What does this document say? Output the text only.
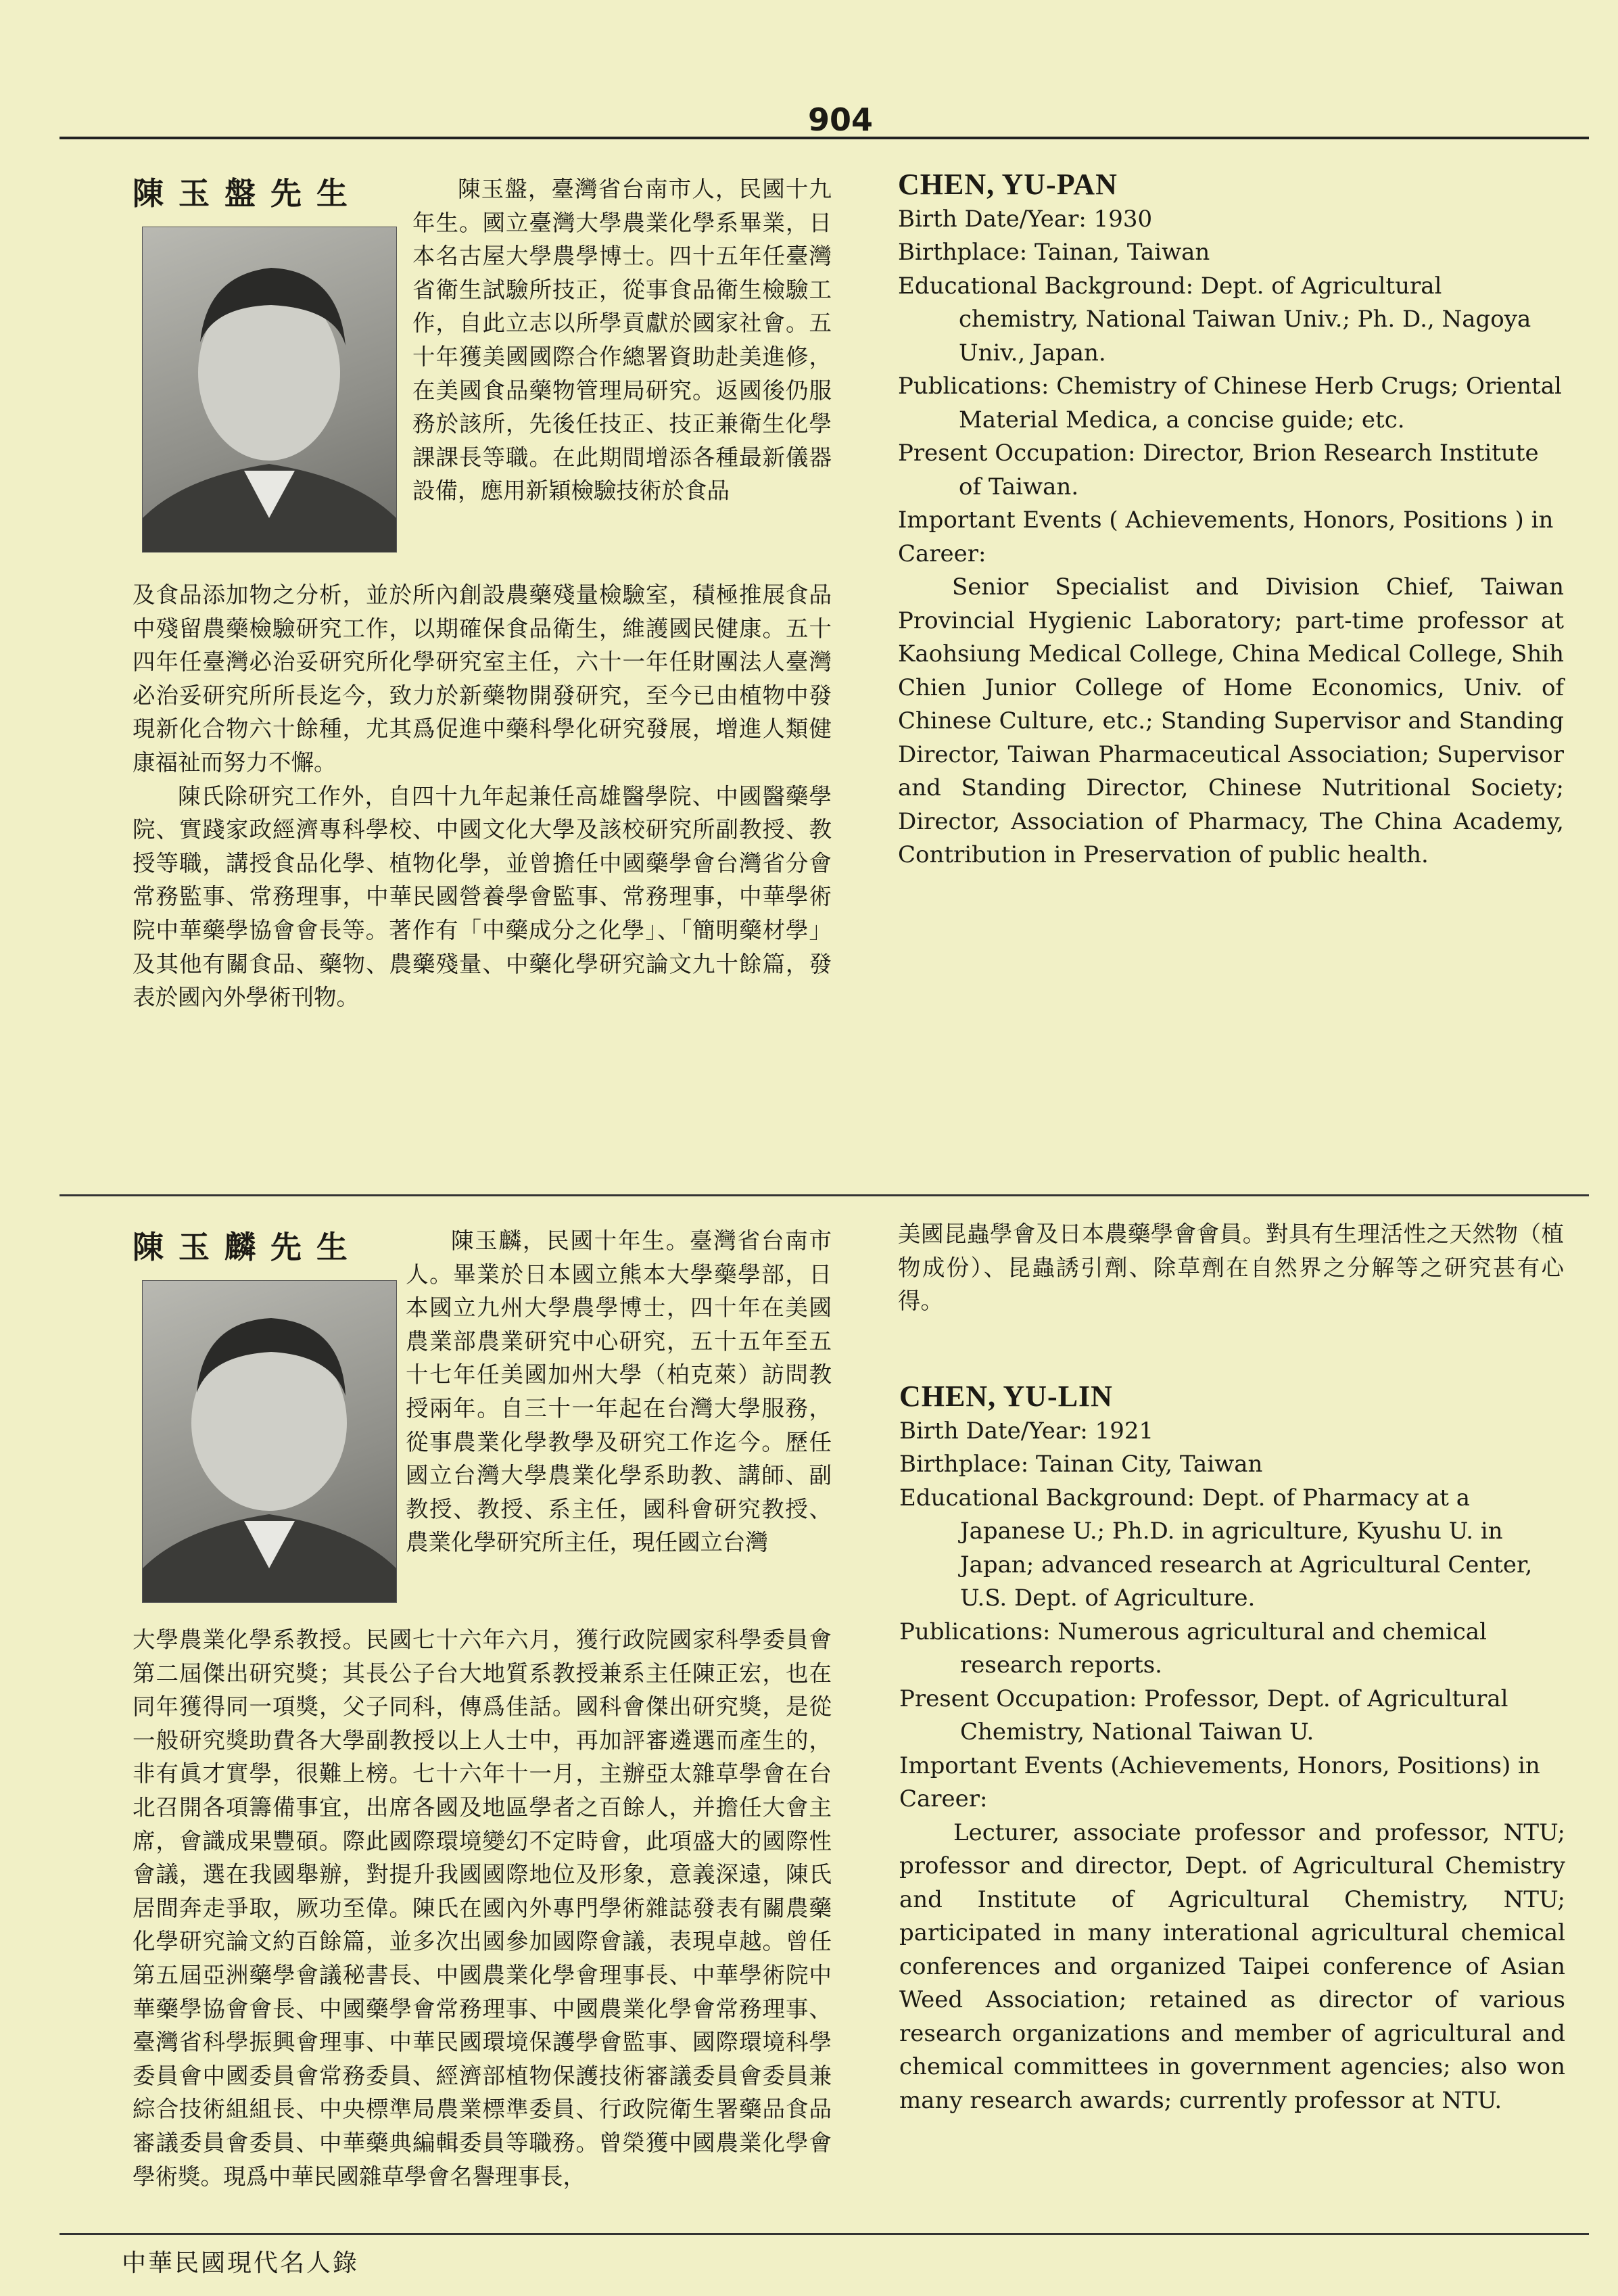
904
陳玉盤先生	陳玉盤，臺灣省台南市人，民國十九年生。國立臺灣大學農業化學系畢業，日本名古屋大學農學博士。四十五年任臺灣省衛生試驗所技正，從事食品衛生檢驗工作，自此立志以所學貢獻於國家社會。五十年獲美國國際合作總署資助赴美進修，在美國食品藥物管理局研究。返國後仍服務於該所，先後任技正、技正兼衛生化學課課長等職。在此期間增添各種最新儀器設備，應用新穎檢驗技術於食品

及食品添加物之分析，並於所內創設農藥殘量檢驗室，積極推展食品中殘留農藥檢驗研究工作，以期確保食品衛生，維護國民健康。五十四年任臺灣必治妥研究所化學研究室主任，六十一年任財團法人臺灣必治妥研究所所長迄今，致力於新藥物開發研究，至今已由植物中發現新化合物六十餘種，尤其爲促進中藥科學化研究發展，增進人類健康福祉而努力不懈。

陳氏除研究工作外，自四十九年起兼任高雄醫學院、中國醫藥學院、實踐家政經濟專科學校、中國文化大學及該校研究所副教授、教授等職，講授食品化學、植物化學，並曾擔任中國藥學會台灣省分會常務監事、常務理事，中華民國營養學會監事、常務理事，中華學術院中華藥學協會會長等。著作有「中藥成分之化學」、「簡明藥材學」及其他有關食品、藥物、農藥殘量、中藥化學研究論文九十餘篇，發表於國內外學術刊物。

CHEN, YU-PAN

Birth Date/Year: 1930

Birthplace: Tainan, Taiwan

Educational Background: Dept. of Agricultural chemistry, National Taiwan Univ.; Ph. D., Nagoya Univ., Japan.

Publications: Chemistry of Chinese Herb Crugs; Oriental Material Medica, a concise guide; etc.

Present Occupation: Director, Brion Research Institute of Taiwan.

Important Events ( Achievements, Honors, Positions ) in Career:

Senior Specialist and Division Chief, Taiwan Provincial Hygienic Laboratory; part-time professor at Kaohsiung Medical College, China Medical College, Shih Chien Junior College of Home Economics, Univ. of Chinese Culture, etc.; Standing Supervisor and Standing Director, Taiwan Pharmaceutical Association; Supervisor and Standing Director, Chinese Nutritional Society; Director, Association of Pharmacy, The China Academy, Contribution in Preservation of public health.

陳玉麟先生	陳玉麟，民國十年生。臺灣省台南市人。畢業於日本國立熊本大學藥學部，日本國立九州大學農學博士，四十年在美國農業部農業研究中心研究，五十五年至五十七年任美國加州大學（柏克萊）訪問教授兩年。自三十一年起在台灣大學服務，從事農業化學教學及研究工作迄今。歷任國立台灣大學農業化學系助教、講師、副教授、教授、系主任，國科會研究教授、農業化學研究所主任，現任國立台灣

大學農業化學系教授。民國七十六年六月，獲行政院國家科學委員會第二屆傑出研究獎；其長公子台大地質系教授兼系主任陳正宏，也在同年獲得同一項獎，父子同科，傳爲佳話。國科會傑出研究獎，是從一般研究獎助費各大學副教授以上人士中，再加評審遴選而產生的，非有眞才實學，很難上榜。七十六年十一月，主辦亞太雜草學會在台北召開各項籌備事宜，出席各國及地區學者之百餘人，并擔任大會主席，會識成果豐碩。際此國際環境變幻不定時會，此項盛大的國際性會議，選在我國舉辦，對提升我國國際地位及形象，意義深遠，陳氏居間奔走爭取，厥功至偉。陳氏在國內外專門學術雜誌發表有關農藥化學研究論文約百餘篇，並多次出國參加國際會議，表現卓越。曾任第五屆亞洲藥學會議秘書長、中國農業化學會理事長、中華學術院中華藥學協會會長、中國藥學會常務理事、中國農業化學會常務理事、臺灣省科學振興會理事、中華民國環境保護學會監事、國際環境科學委員會中國委員會常務委員、經濟部植物保護技術審議委員會委員兼綜合技術組組長、中央標準局農業標準委員、行政院衛生署藥品食品審議委員會委員、中華藥典編輯委員等職務。曾榮獲中國農業化學會學術獎。現爲中華民國雜草學會名譽理事長，

美國昆蟲學會及日本農藥學會會員。對具有生理活性之天然物（植物成份）、昆蟲誘引劑、除草劑在自然界之分解等之研究甚有心得。

CHEN, YU-LIN

Birth Date/Year: 1921

Birthplace: Tainan City, Taiwan

Educational Background: Dept. of Pharmacy at a Japanese U.; Ph.D. in agriculture, Kyushu U. in Japan; advanced research at Agricultural Center, U.S. Dept. of Agriculture.

Publications: Numerous agricultural and chemical research reports.

Present Occupation: Professor, Dept. of Agricultural Chemistry, National Taiwan U.

Important Events (Achievements, Honors, Positions) in Career:

Lecturer, associate professor and professor, NTU; professor and director, Dept. of Agricultural Chemistry and Institute of Agricultural Chemistry, NTU; participated in many interational agricultural chemical conferences and organized Taipei conference of Asian Weed Association; retained as director of various research organizations and member of agricultural and chemical committees in government agencies; also won many research awards; currently professor at NTU.

中華民國現代名人錄
